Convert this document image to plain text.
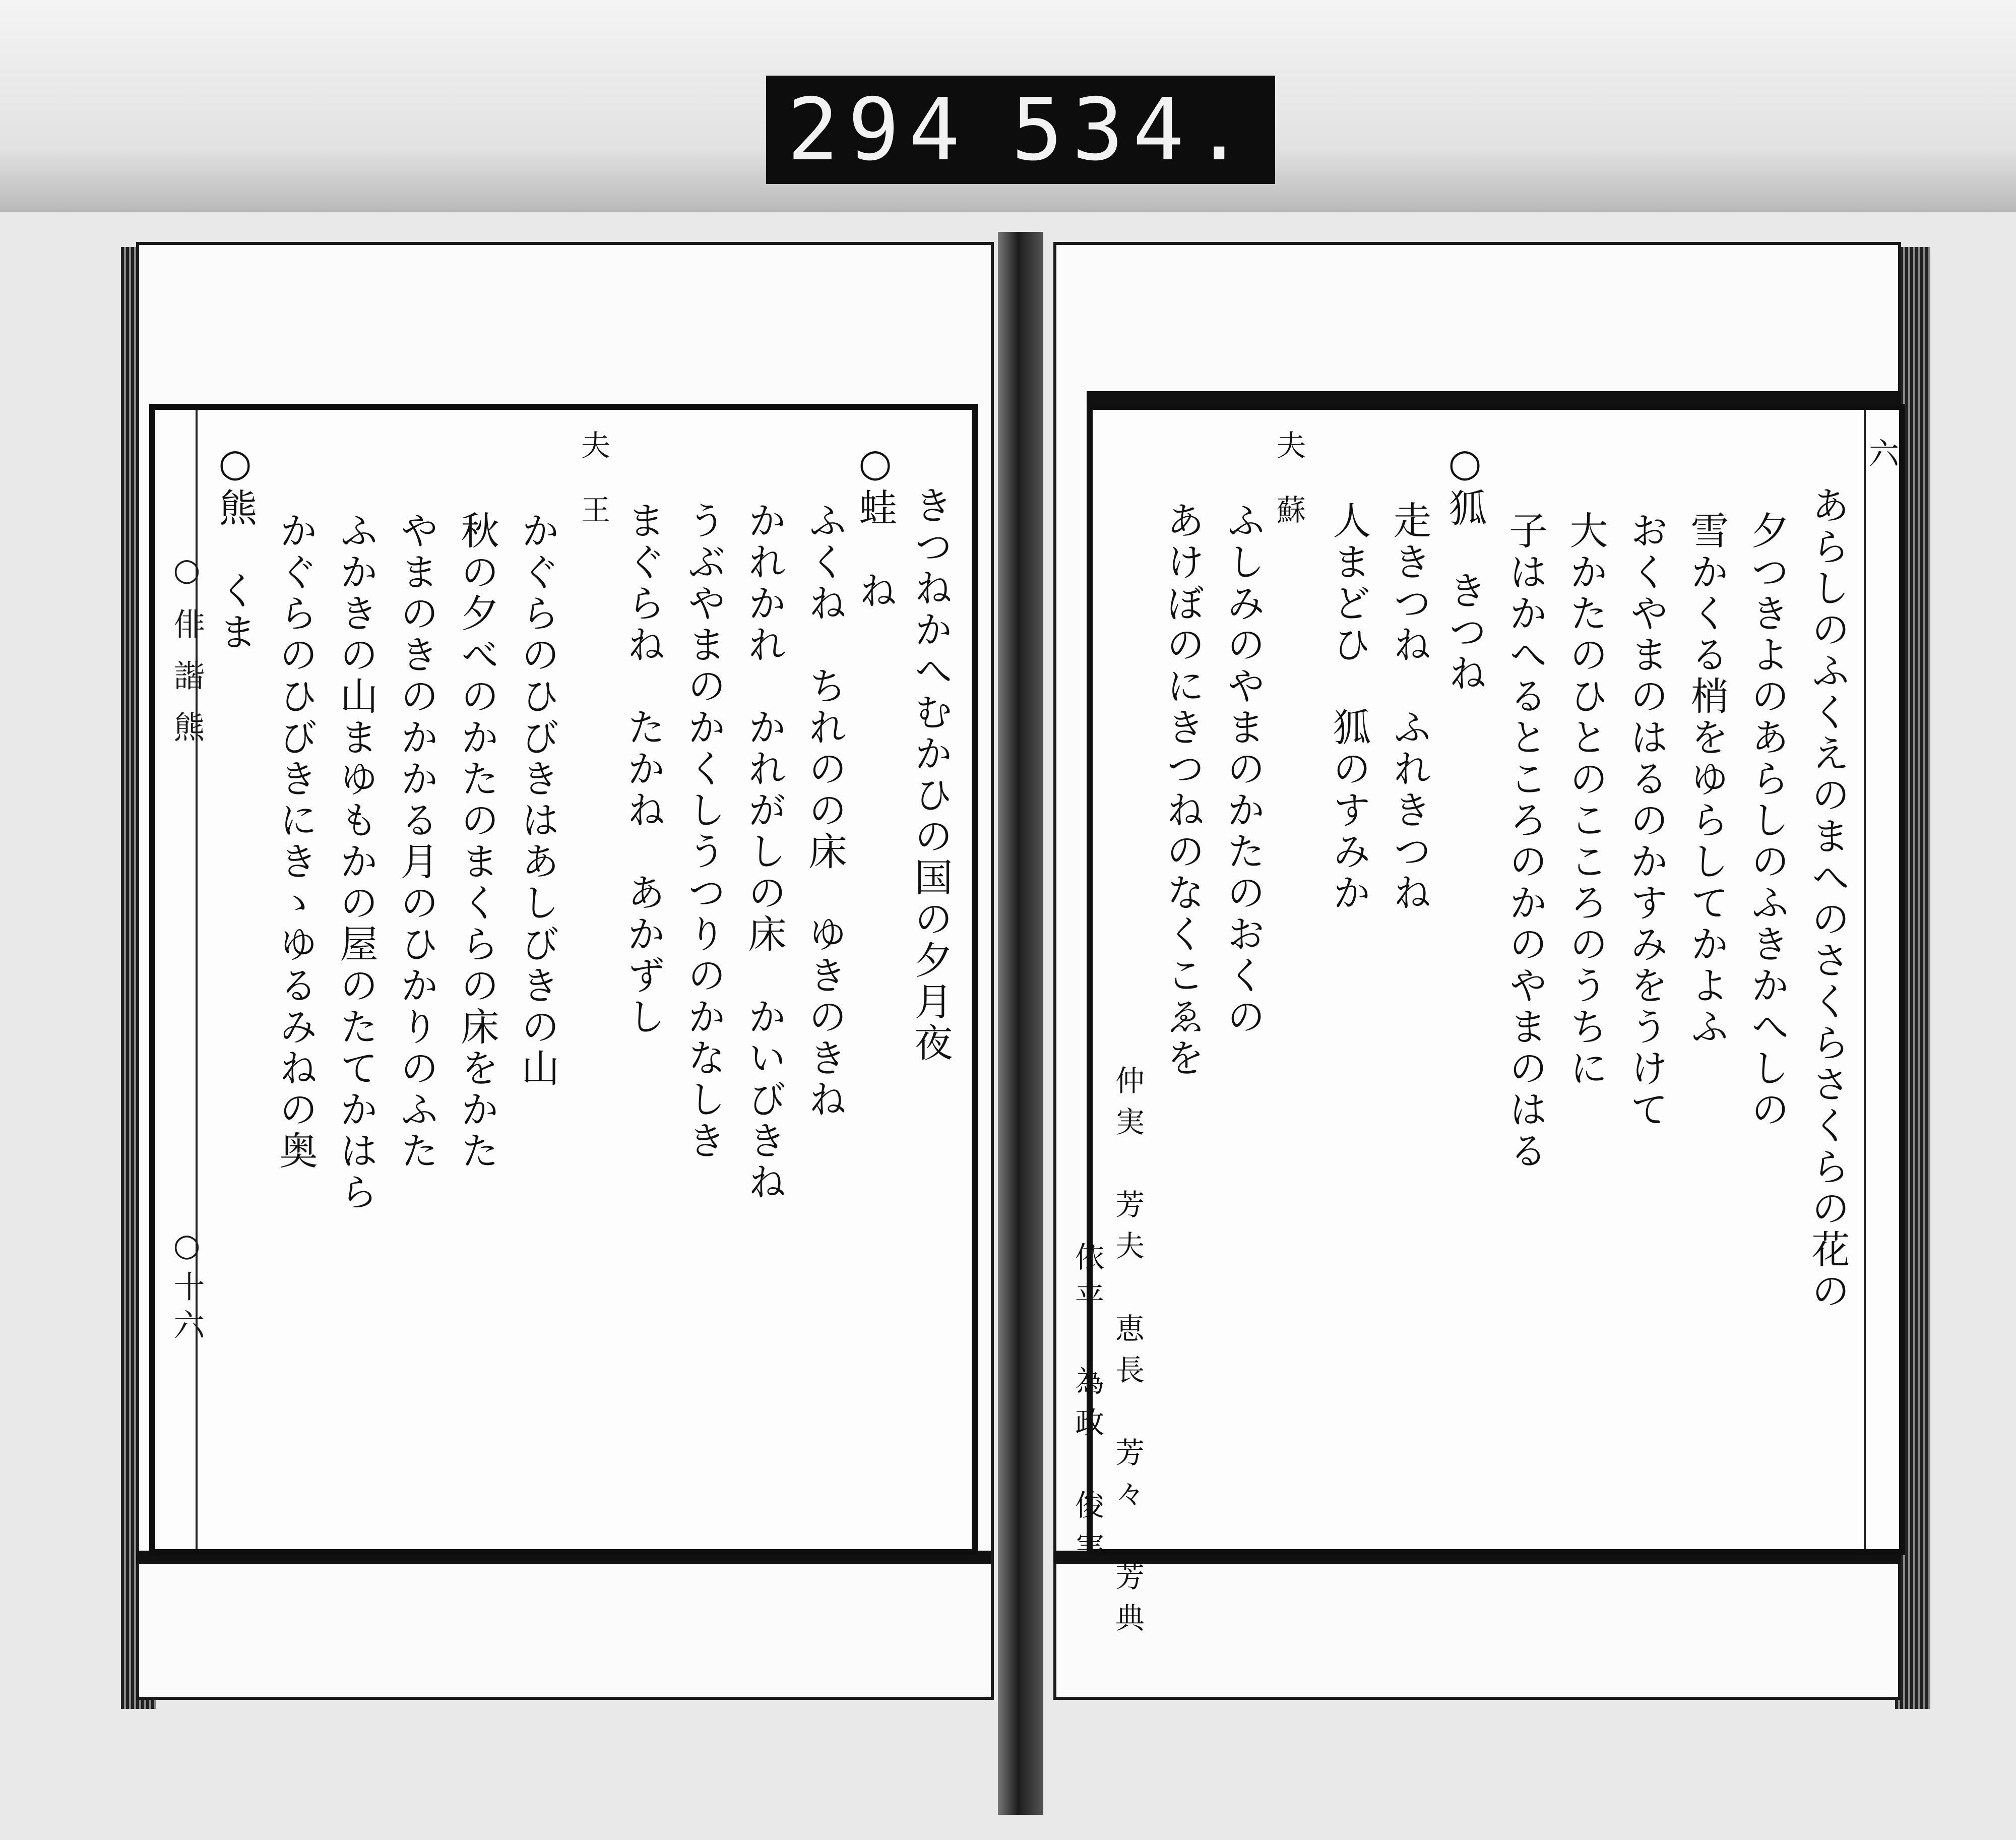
294 534.
○俳諧熊
○十六
○熊　くま かぐらのひびきにきゝゆるみねの奥 ふかきの山まゆもかの屋のたてかはら やまのきのかかる月のひかりのふた 秋の夕べのかたのまくらの床をかた かぐらのひびきはあしびきの山
夫　王
まぐらね　たかね　あかずし うぶやまのかくしうつりのかなしき かれかれ　かれがしの床　かいびきね ふくね　ちれのの床　ゆきのきね ○蛙　ね きつねかへむかひの国の夕月夜
六
あらしのふくえのまへのさくらさくらの花の
夕つきよのあらしのふきかへしの
雪かくる梢をゆらしてかよふ
おくやまのはるのかすみをうけて
大かたのひとのこころのうちに
子はかへるところのかのやまのはる
○狐　きつね
走きつね　ふれきつね
人まどひ　狐のすみか
夫　蘇
ふしみのやまのかたのおくの
あけぼのにきつねのなくこゑを
仲実　芳夫　恵長　芳々　芳典
依平　為政　俊実
